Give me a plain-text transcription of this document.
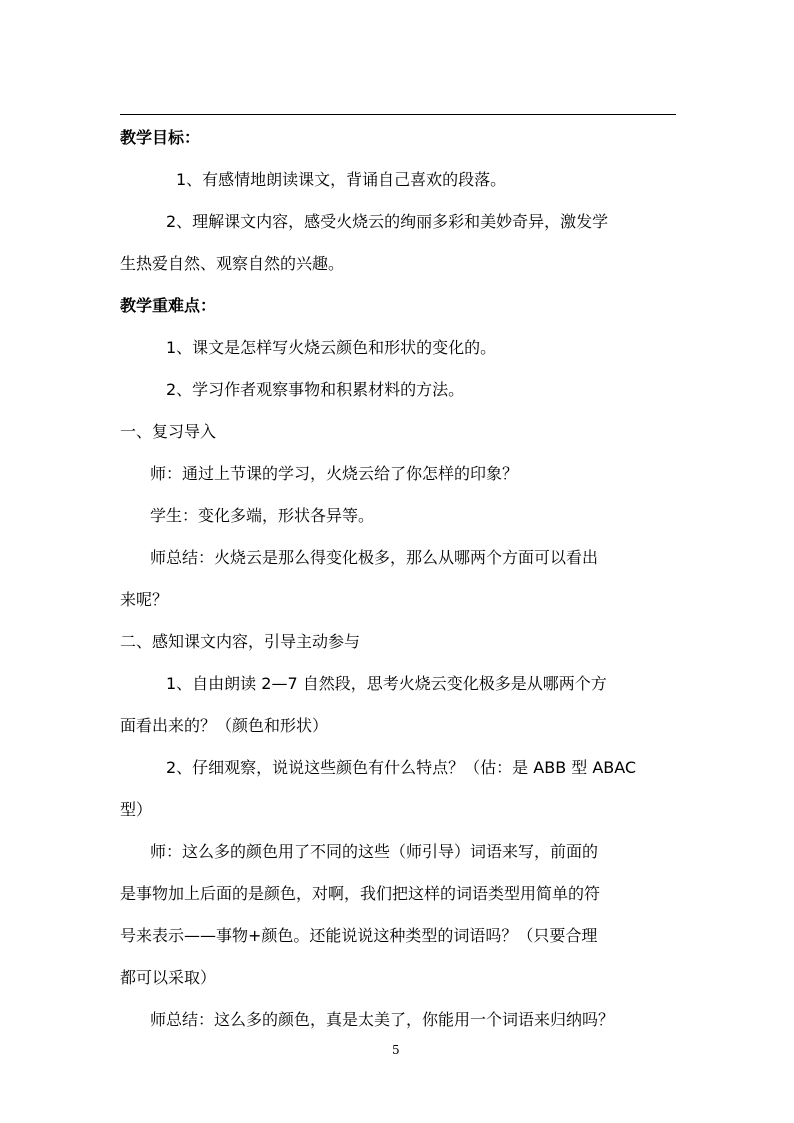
教学目标：
1、有感情地朗读课文，背诵自己喜欢的段落。
2、理解课文内容，感受火烧云的绚丽多彩和美妙奇异，激发学
生热爱自然、观察自然的兴趣。
教学重难点：
1、课文是怎样写火烧云颜色和形状的变化的。
2、学习作者观察事物和积累材料的方法。
一、复习导入
师：通过上节课的学习，火烧云给了你怎样的印象？
学生：变化多端，形状各异等。
师总结：火烧云是那么得变化极多，那么从哪两个方面可以看出
来呢？
二、感知课文内容，引导主动参与
1、自由朗读 2—7 自然段，思考火烧云变化极多是从哪两个方
面看出来的？（颜色和形状）
2、仔细观察，说说这些颜色有什么特点？（估：是 ABB 型 ABAC
型）
师：这么多的颜色用了不同的这些（师引导）词语来写，前面的
是事物加上后面的是颜色，对啊，我们把这样的词语类型用简单的符
号来表示——事物+颜色。还能说说这种类型的词语吗？（只要合理
都可以采取）
师总结：这么多的颜色，真是太美了，你能用一个词语来归纳吗？
5
